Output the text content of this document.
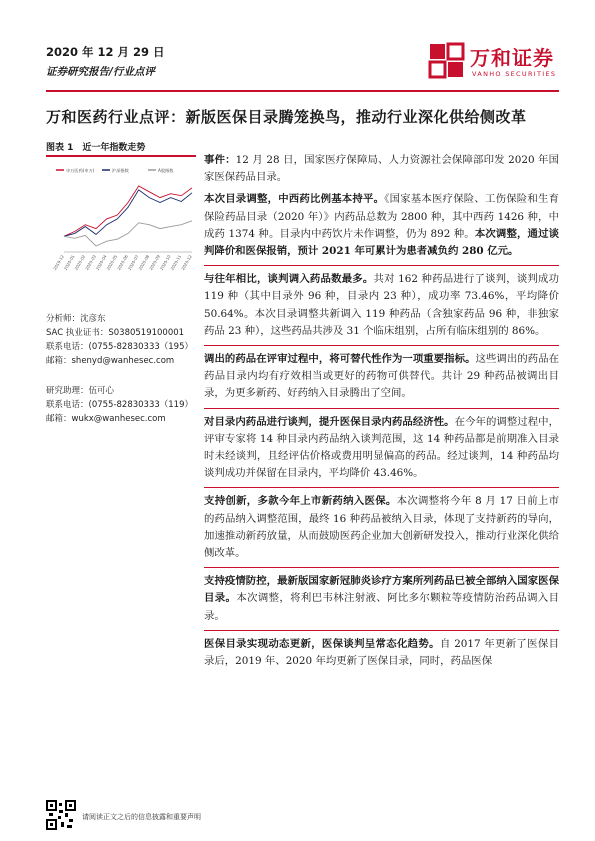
2020 年 12 月 29 日
证券研究报告/行业点评
万和证券
VANHO SECURITIES
万和医药行业点评：新版医保目录腾笼换鸟，推动行业深化供给侧改革
图表 1　近一年指数走势
申万医药(申万)	沪深指数	A股指数
2019-12
2020-01
2020-02
2020-03
2020-04
2020-05
2020-06
2020-07
2020-08
2020-09
2020-10
2020-11
2020-12
分析师：沈彦东
SAC 执业证书：S0380519100001
联系电话：(0755-82830333（195）
邮箱：shenyd@wanhesec.com
研究助理：伍可心
联系电话：(0755-82830333（119）
邮箱：wukx@wanhesec.com

事件：12 月 28 日，国家医疗保障局、人力资源社会保障部印发 2020 年国家医保药品目录。

本次目录调整，中西药比例基本持平。《国家基本医疗保险、工伤保险和生育保险药品目录（2020 年）》内药品总数为 2800 种，其中西药 1426 种，中成药 1374 种。目录内中药饮片未作调整，仍为 892 种。本次调整，通过谈判降价和医保报销，预计 2021 年可累计为患者减负约 280 亿元。

与往年相比，谈判调入药品数最多。共对 162 种药品进行了谈判，谈判成功 119 种（其中目录外 96 种，目录内 23 种），成功率 73.46%，平均降价 50.64%。本次目录调整共新调入 119 种药品（含独家药品 96 种，非独家药品 23 种），这些药品共涉及 31 个临床组别，占所有临床组别的 86%。

调出的药品在评审过程中，将可替代性作为一项重要指标。这些调出的药品在药品目录内均有疗效相当或更好的药物可供替代。共计 29 种药品被调出目录，为更多新药、好药纳入目录腾出了空间。

对目录内药品进行谈判，提升医保目录内药品经济性。在今年的调整过程中，评审专家将 14 种目录内药品纳入谈判范围，这 14 种药品都是前期准入目录时未经谈判，且经评估价格或费用明显偏高的药品。经过谈判，14 种药品均谈判成功并保留在目录内，平均降价 43.46%。

支持创新，多款今年上市新药纳入医保。本次调整将今年 8 月 17 日前上市的药品纳入调整范围，最终 16 种药品被纳入目录，体现了支持新药的导向，加速推动新药放量，从而鼓励医药企业加大创新研发投入，推动行业深化供给侧改革。

支持疫情防控，最新版国家新冠肺炎诊疗方案所列药品已被全部纳入国家医保目录。本次调整，将利巴韦林注射液、阿比多尔颗粒等疫情防治药品调入目录。

医保目录实现动态更新，医保谈判呈常态化趋势。自 2017 年更新了医保目录后，2019 年、2020 年均更新了医保目录，同时，药品医保

请阅读正文之后的信息披露和重要声明
